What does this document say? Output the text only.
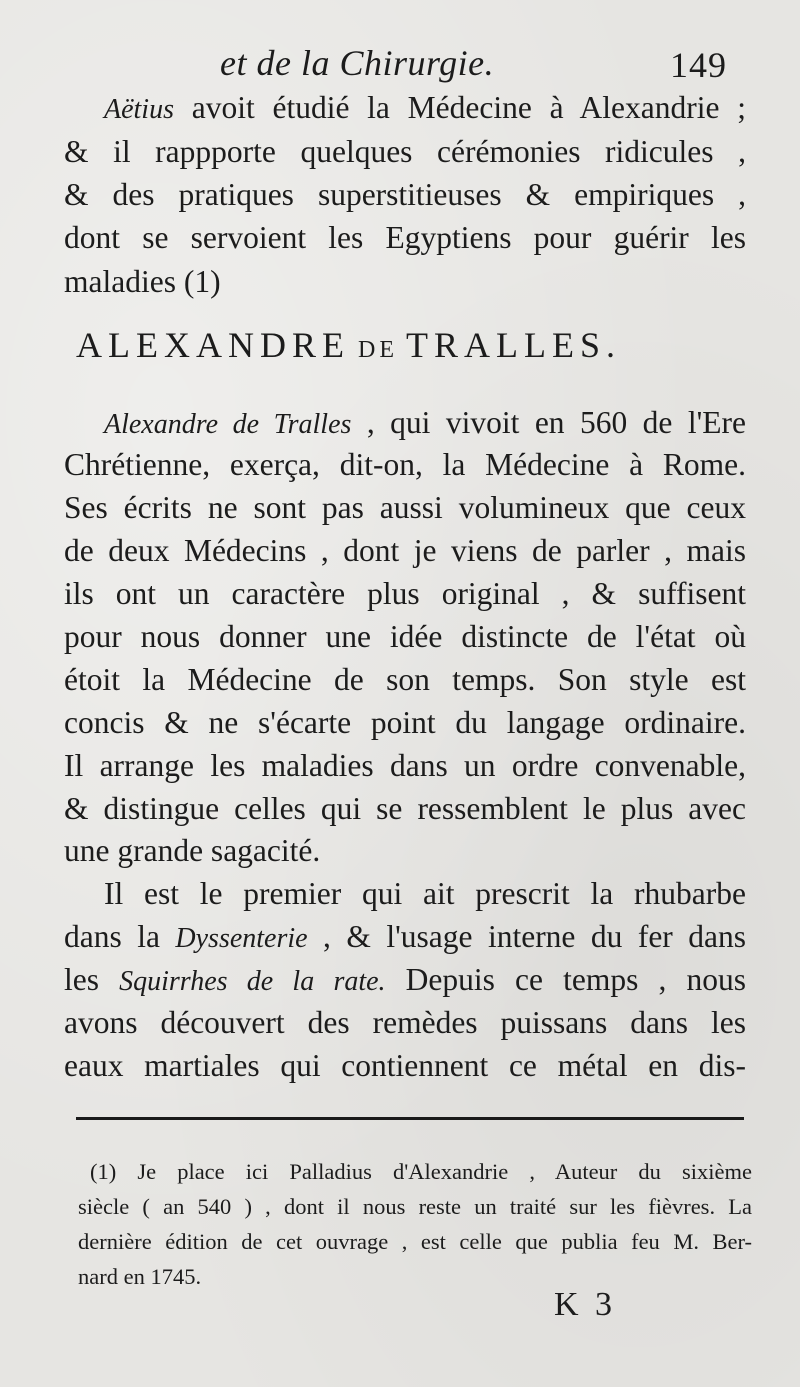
et de la Chirurgie.	149
Aëtius avoit étudié la Médecine à Alexandrie ;
& il rappporte quelques cérémonies ridicules ,
& des pratiques superstitieuses & empiriques ,
dont se servoient les Egyptiens pour guérir les
maladies (1)
ALEXANDRE DE TRALLES.
Alexandre de Tralles , qui vivoit en 560 de l'Ere
Chrétienne, exerça, dit-on, la Médecine à Rome.
Ses écrits ne sont pas aussi volumineux que ceux
de deux Médecins , dont je viens de parler , mais
ils ont un caractère plus original , & suffisent
pour nous donner une idée distincte de l'état où
étoit la Médecine de son temps. Son style est
concis & ne s'écarte point du langage ordinaire.
Il arrange les maladies dans un ordre convenable,
& distingue celles qui se ressemblent le plus avec
une grande sagacité.
Il est le premier qui ait prescrit la rhubarbe
dans la Dyssenterie , & l'usage interne du fer dans
les Squirrhes de la rate. Depuis ce temps , nous
avons découvert des remèdes puissans dans les
eaux martiales qui contiennent ce métal en dis-
(1) Je place ici Palladius d'Alexandrie , Auteur du sixième
siècle ( an 540 ) , dont il nous reste un traité sur les fièvres. La
dernière édition de cet ouvrage , est celle que publia feu M. Ber-
nard en 1745.
K 3
